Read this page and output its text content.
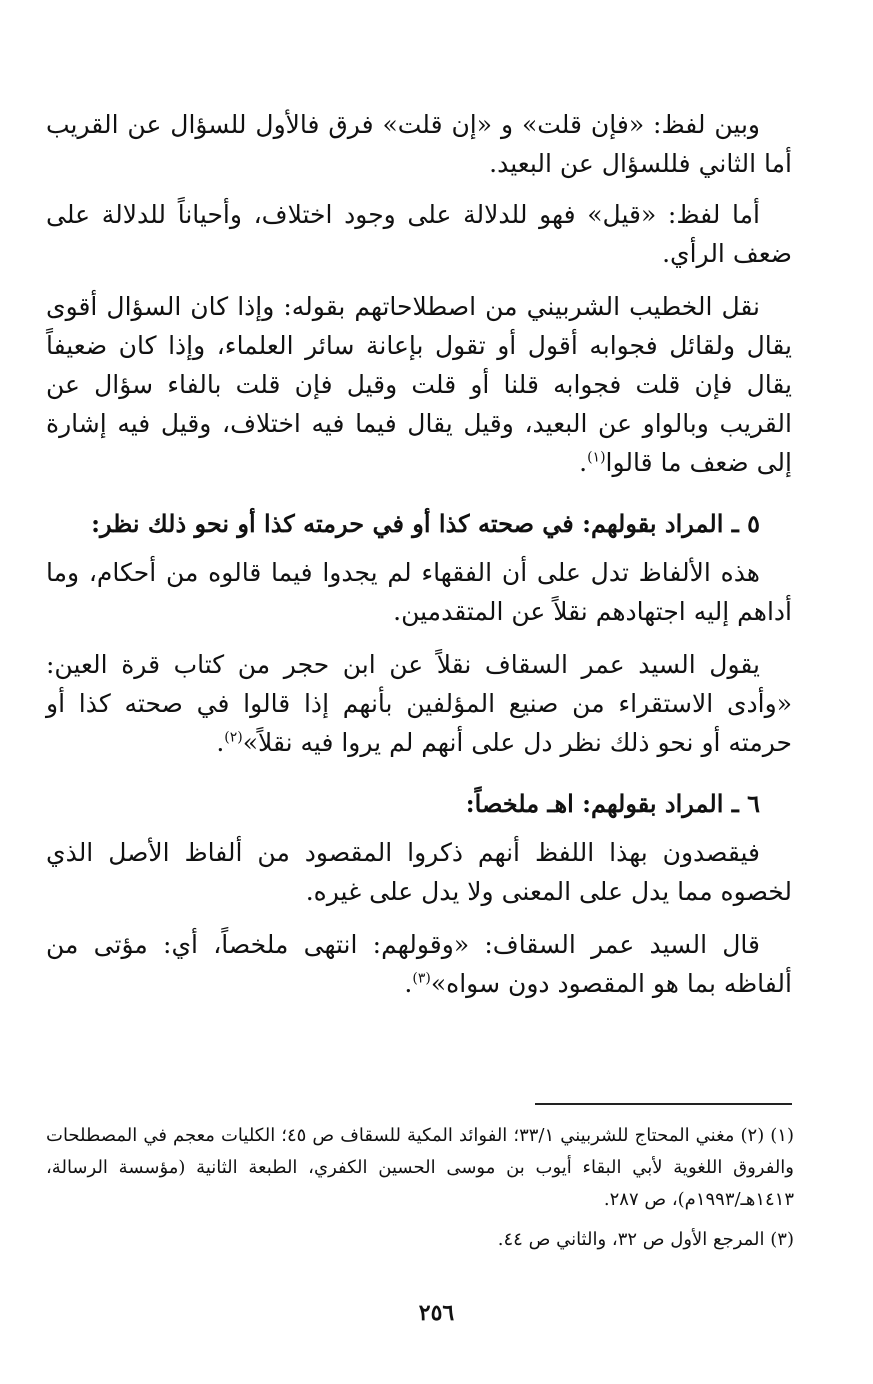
وبين لفظ: «فإن قلت» و «إن قلت» فرق فالأول للسؤال عن القريب أما الثاني فللسؤال عن البعيد.

أما لفظ: «قيل» فهو للدلالة على وجود اختلاف، وأحياناً للدلالة على ضعف الرأي.

نقل الخطيب الشربيني من اصطلاحاتهم بقوله: وإذا كان السؤال أقوى يقال ولقائل فجوابه أقول أو تقول بإعانة سائر العلماء، وإذا كان ضعيفاً يقال فإن قلت فجوابه قلنا أو قلت وقيل فإن قلت بالفاء سؤال عن القريب وبالواو عن البعيد، وقيل يقال فيما فيه اختلاف، وقيل فيه إشارة إلى ضعف ما قالوا$^{(١)}$.

٥ ـ المراد بقولهم: في صحته كذا أو في حرمته كذا أو نحو ذلك نظر:

هذه الألفاظ تدل على أن الفقهاء لم يجدوا فيما قالوه من أحكام، وما أداهم إليه اجتهادهم نقلاً عن المتقدمين.

يقول السيد عمر السقاف نقلاً عن ابن حجر من كتاب قرة العين: «وأدى الاستقراء من صنيع المؤلفين بأنهم إذا قالوا في صحته كذا أو حرمته أو نحو ذلك نظر دل على أنهم لم يروا فيه نقلاً»$^{(٢)}$.

٦ ـ المراد بقولهم: اهـ ملخصاً:

فيقصدون بهذا اللفظ أنهم ذكروا المقصود من ألفاظ الأصل الذي لخصوه مما يدل على المعنى ولا يدل على غيره.

قال السيد عمر السقاف: «وقولهم: انتهى ملخصاً، أي: مؤتى من ألفاظه بما هو المقصود دون سواه»$^{(٣)}$.

(١) (٢) مغني المحتاج للشربيني ٣٣/١؛ الفوائد المكية للسقاف ص ٤٥؛ الكليات معجم في المصطلحات والفروق اللغوية لأبي البقاء أيوب بن موسى الحسين الكفري، الطبعة الثانية (مؤسسة الرسالة، ١٤١٣هـ/١٩٩٣م)، ص ٢٨٧.

(٣) المرجع الأول ص ٣٢، والثاني ص ٤٤.

٢٥٦
